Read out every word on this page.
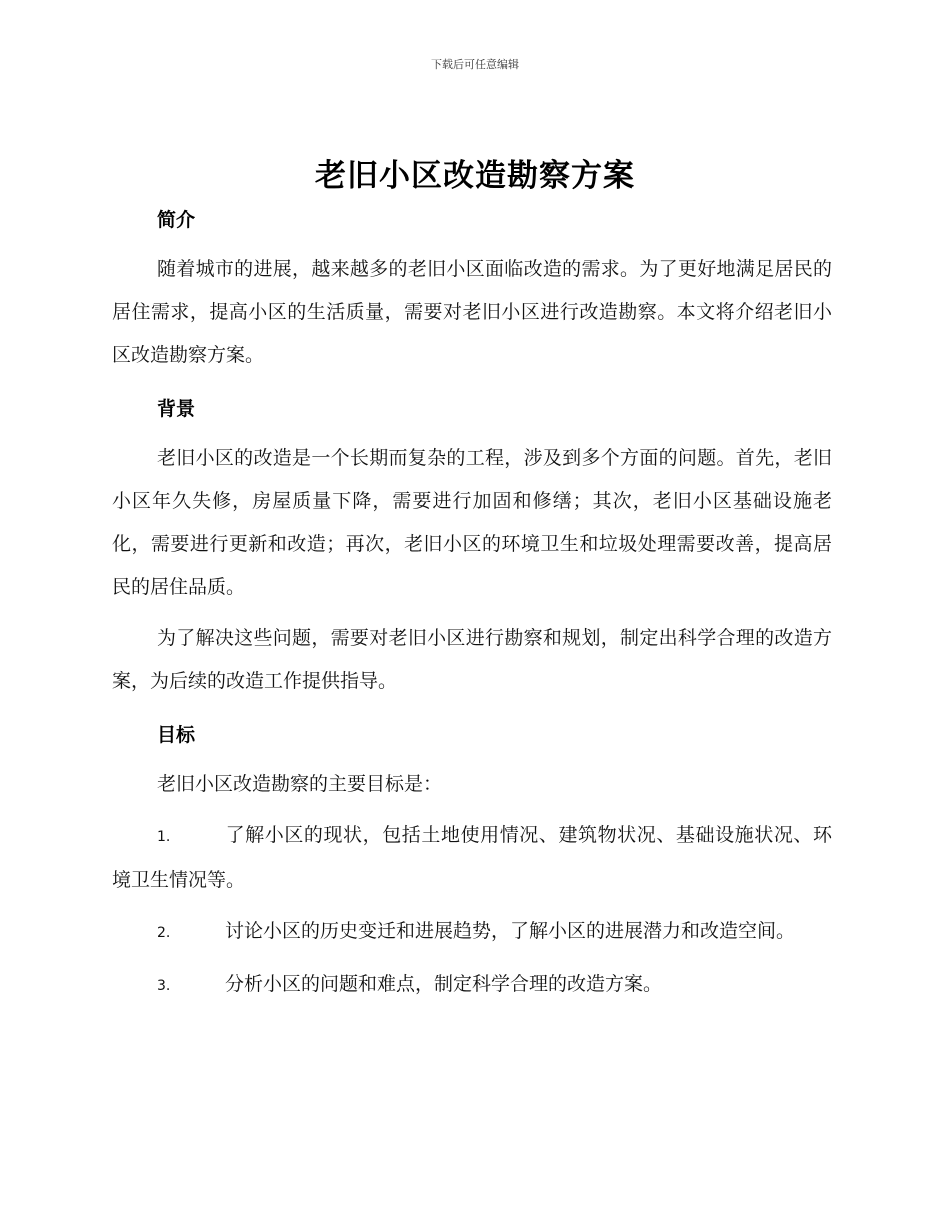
下载后可任意编辑
老旧小区改造勘察方案
简介

随着城市的进展，越来越多的老旧小区面临改造的需求。为了更好地满足居民的居住需求，提高小区的生活质量，需要对老旧小区进行改造勘察。本文将介绍老旧小区改造勘察方案。

背景

老旧小区的改造是一个长期而复杂的工程，涉及到多个方面的问题。首先，老旧小区年久失修，房屋质量下降，需要进行加固和修缮；其次，老旧小区基础设施老化，需要进行更新和改造；再次，老旧小区的环境卫生和垃圾处理需要改善，提高居民的居住品质。

为了解决这些问题，需要对老旧小区进行勘察和规划，制定出科学合理的改造方案，为后续的改造工作提供指导。

目标

老旧小区改造勘察的主要目标是：

1.	了解小区的现状，包括土地使用情况、建筑物状况、基础设施状况、环境卫生情况等。

2.	讨论小区的历史变迁和进展趋势，了解小区的进展潜力和改造空间。

3.	分析小区的问题和难点，制定科学合理的改造方案。
